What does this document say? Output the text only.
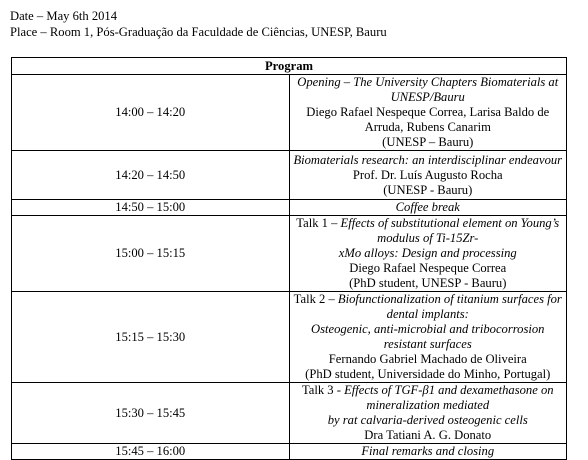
Date – May 6th 2014
Place – Room 1, Pós-Graduação da Faculdade de Ciências, UNESP, Bauru
Program	
14:00 – 14:20	Opening – The University Chapters Biomaterials at UNESP/Bauru
Diego Rafael Nespeque Correa, Larisa Baldo de Arruda, Rubens Canarim
(UNESP – Bauru)

14:20 – 14:50	Biomaterials research: an interdisciplinar endeavour
Prof. Dr. Luís Augusto Rocha
(UNESP - Bauru)

14:50 – 15:00	Coffee break

15:00 – 15:15	Talk 1 – Effects of substitutional element on Young’s modulus of Ti-15Zr-
xMo alloys: Design and processing
Diego Rafael Nespeque Correa
(PhD student, UNESP - Bauru)

15:15 – 15:30	Talk 2 – Biofunctionalization of titanium surfaces for dental implants:
Osteogenic, anti-microbial and tribocorrosion resistant surfaces
Fernando Gabriel Machado de Oliveira
(PhD student, Universidade do Minho, Portugal)

15:30 – 15:45	Talk 3 - Effects of TGF-β1 and dexamethasone on mineralization mediated
by rat calvaria-derived osteogenic cells
Dra Tatiani A. G. Donato

15:45 – 16:00	Final remarks and closing
